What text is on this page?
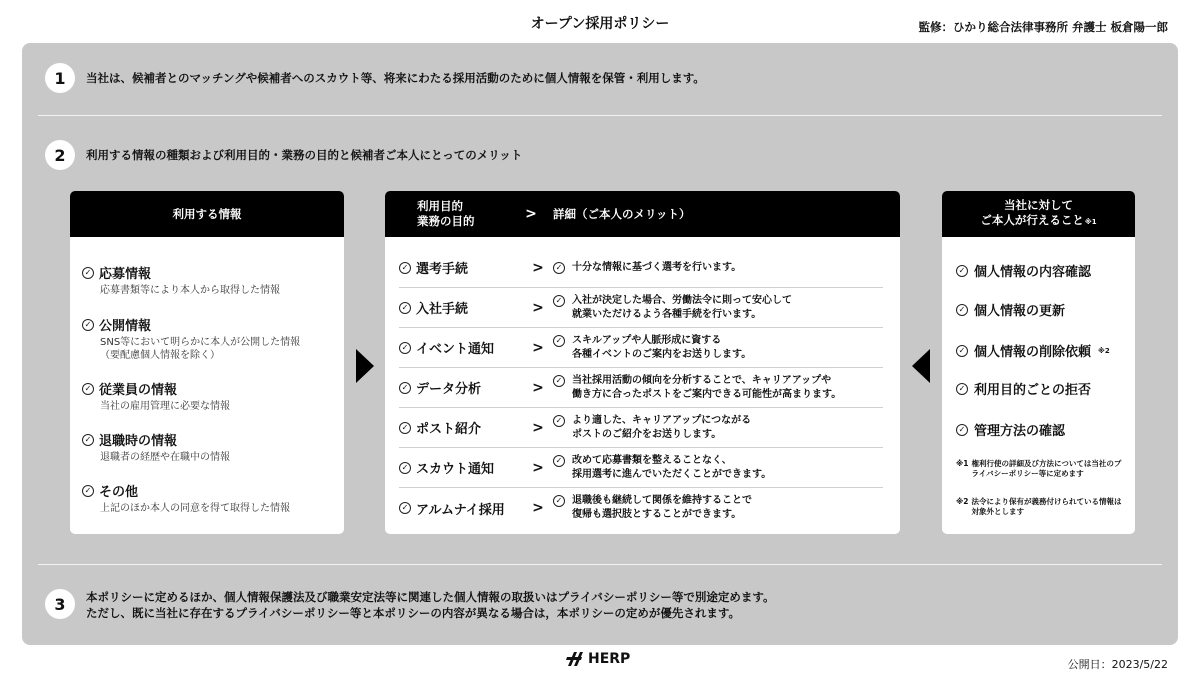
オープン採用ポリシー	監修：ひかり総合法律事務所 弁護士 板倉陽一郎
1	当社は、候補者とのマッチングや候補者へのスカウト等、将来にわたる採用活動のために個人情報を保管・利用します。
2	利用する情報の種類および利用目的・業務の目的と候補者ご本人にとってのメリット
利用する情報
✓ 応募情報
応募書類等により本人から取得した情報
✓ 公開情報
SNS等において明らかに本人が公開した情報
（要配慮個人情報を除く）
✓ 従業員の情報
当社の雇用管理に必要な情報
✓ 退職時の情報
退職者の経歴や在職中の情報
✓ その他
上記のほか本人の同意を得て取得した情報
利用目的
業務の目的	>	詳細（ご本人のメリット）
✓ 選考手続	>	✓ 十分な情報に基づく選考を行います。
✓ 入社手続	>	✓ 入社が決定した場合、労働法令に則って安心して
就業いただけるよう各種手続を行います。
✓ イベント通知	>	✓ スキルアップや人脈形成に資する
各種イベントのご案内をお送りします。
✓ データ分析	>	✓ 当社採用活動の傾向を分析することで、キャリアアップや
働き方に合ったポストをご案内できる可能性が高まります。
✓ ポスト紹介	>	✓ より適した、キャリアアップにつながる
ポストのご紹介をお送りします。
✓ スカウト通知	>	✓ 改めて応募書類を整えることなく、
採用選考に進んでいただくことができます。
✓ アルムナイ採用	>	✓ 退職後も継続して関係を維持することで
復帰も選択肢とすることができます。
当社に対して
ご本人が行えること※1
✓ 個人情報の内容確認
✓ 個人情報の更新
✓ 個人情報の削除依頼 ※2
✓ 利用目的ごとの拒否
✓ 管理方法の確認
※1 権利行使の詳細及び方法については当社のプライバシーポリシー等に定めます
※2 法令により保有が義務付けられている情報は対象外とします
3	本ポリシーに定めるほか、個人情報保護法及び職業安定法等に関連した個人情報の取扱いはプライバシーポリシー等で別途定めます。
ただし、既に当社に存在するプライバシーポリシー等と本ポリシーの内容が異なる場合は，本ポリシーの定めが優先されます。
HERP	公開日：2023/5/22
